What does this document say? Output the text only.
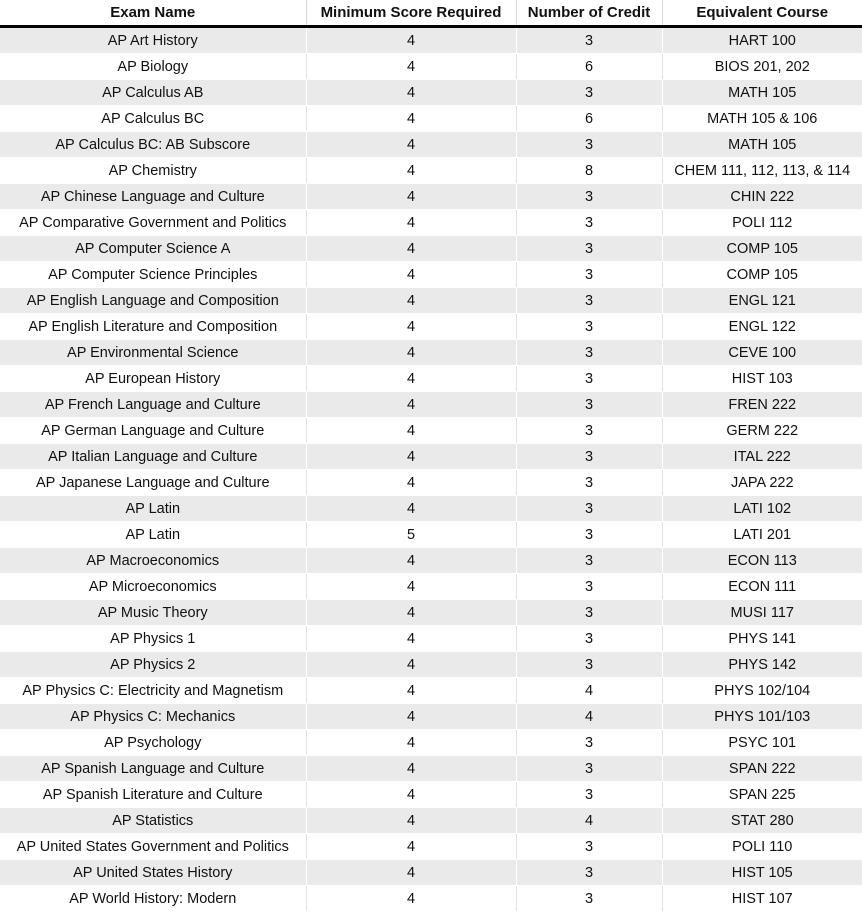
Exam Name	Minimum Score Required	Number of Credit	Equivalent Course
AP Art History	4	3	HART 100
AP Biology	4	6	BIOS 201, 202
AP Calculus AB	4	3	MATH 105
AP Calculus BC	4	6	MATH 105 & 106
AP Calculus BC: AB Subscore	4	3	MATH 105
AP Chemistry	4	8	CHEM 111, 112, 113, & 114
AP Chinese Language and Culture	4	3	CHIN 222
AP Comparative Government and Politics	4	3	POLI 112
AP Computer Science A	4	3	COMP 105
AP Computer Science Principles	4	3	COMP 105
AP English Language and Composition	4	3	ENGL 121
AP English Literature and Composition	4	3	ENGL 122
AP Environmental Science	4	3	CEVE 100
AP European History	4	3	HIST 103
AP French Language and Culture	4	3	FREN 222
AP German Language and Culture	4	3	GERM 222
AP Italian Language and Culture	4	3	ITAL 222
AP Japanese Language and Culture	4	3	JAPA 222
AP Latin	4	3	LATI 102
AP Latin	5	3	LATI 201
AP Macroeconomics	4	3	ECON 113
AP Microeconomics	4	3	ECON 111
AP Music Theory	4	3	MUSI 117
AP Physics 1	4	3	PHYS 141
AP Physics 2	4	3	PHYS 142
AP Physics C: Electricity and Magnetism	4	4	PHYS 102/104
AP Physics C: Mechanics	4	4	PHYS 101/103
AP Psychology	4	3	PSYC 101
AP Spanish Language and Culture	4	3	SPAN 222
AP Spanish Literature and Culture	4	3	SPAN 225
AP Statistics	4	4	STAT 280
AP United States Government and Politics	4	3	POLI 110
AP United States History	4	3	HIST 105
AP World History: Modern	4	3	HIST 107
